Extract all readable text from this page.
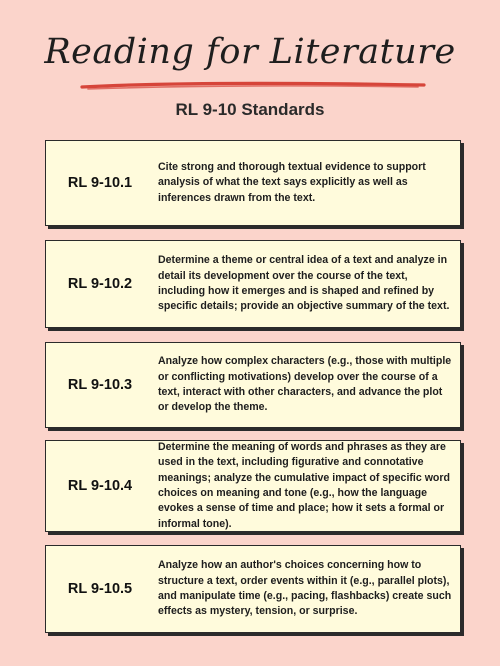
Reading for Literature
RL 9-10 Standards
RL 9-10.1
Cite strong and thorough textual evidence to support analysis of what the text says explicitly as well as inferences drawn from the text.
RL 9-10.2
Determine a theme or central idea of a text and analyze in detail its development over the course of the text, including how it emerges and is shaped and refined by specific details; provide an objective summary of the text.
RL 9-10.3
Analyze how complex characters (e.g., those with multiple or conflicting motivations) develop over the course of a text, interact with other characters, and advance the plot or develop the theme.
RL 9-10.4
Determine the meaning of words and phrases as they are used in the text, including figurative and connotative meanings; analyze the cumulative impact of specific word choices on meaning and tone (e.g., how the language evokes a sense of time and place; how it sets a formal or informal tone).
RL 9-10.5
Analyze how an author's choices concerning how to structure a text, order events within it (e.g., parallel plots), and manipulate time (e.g., pacing, flashbacks) create such effects as mystery, tension, or surprise.
